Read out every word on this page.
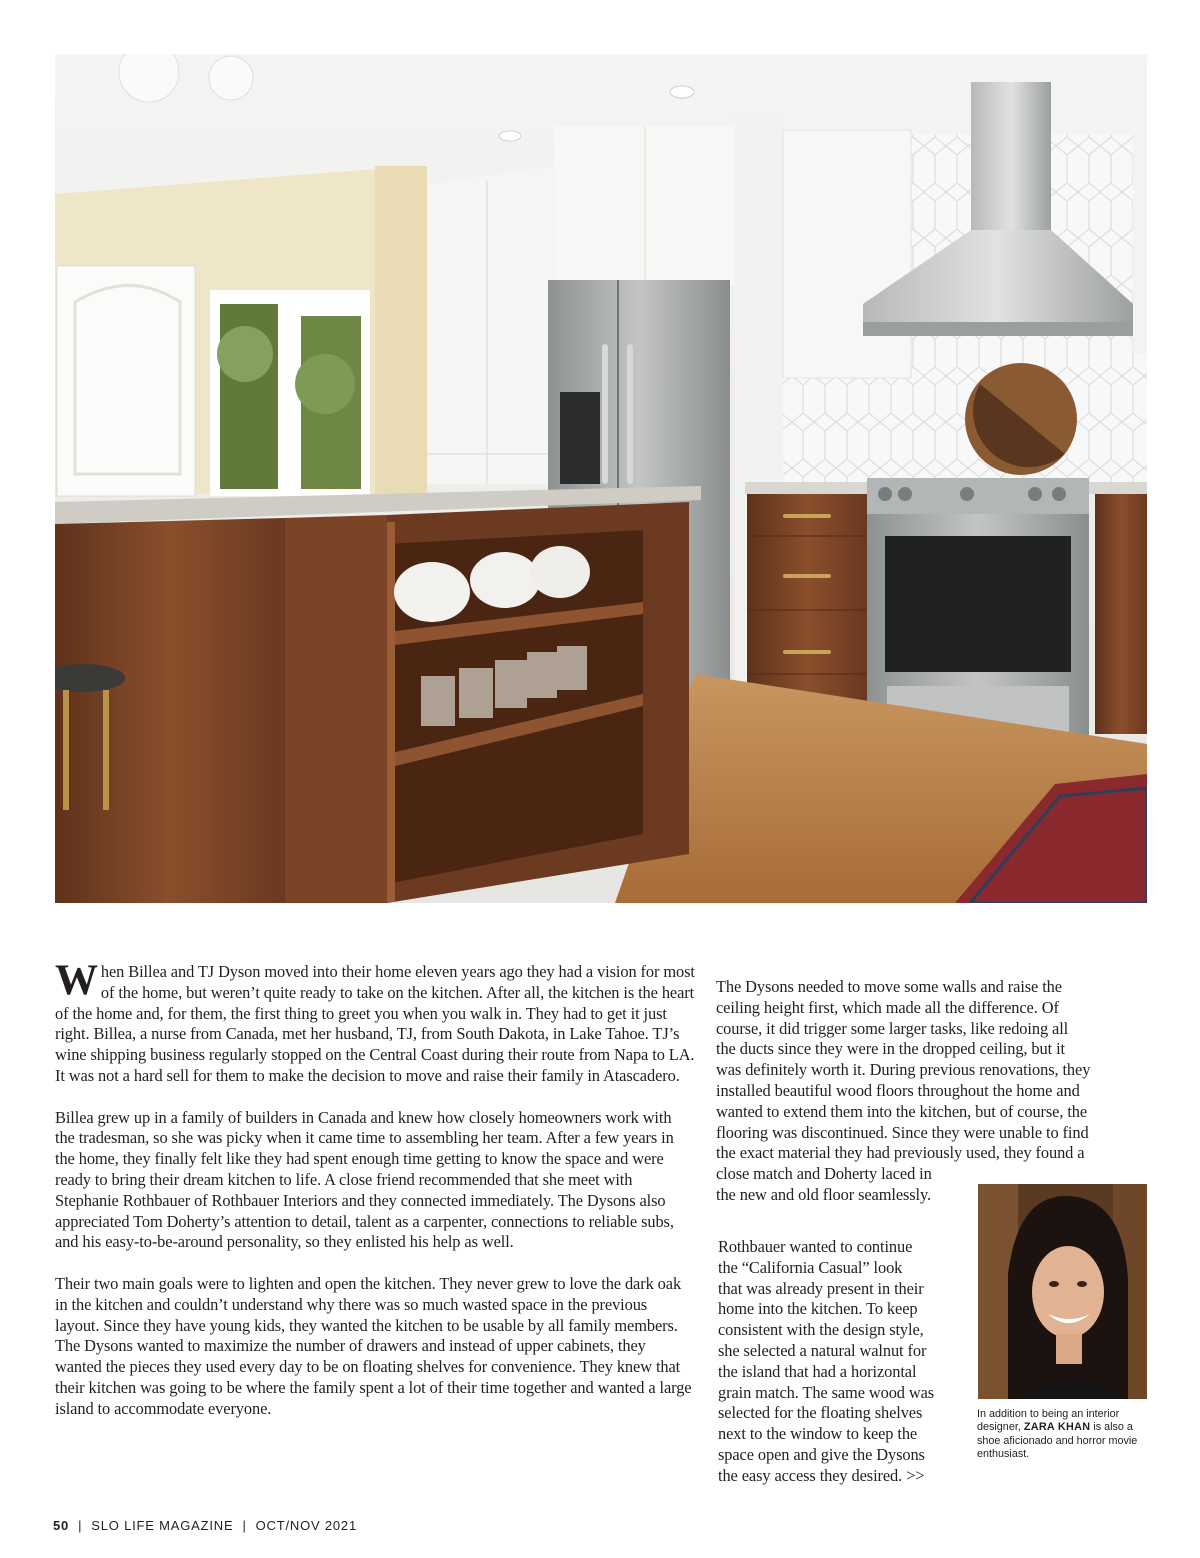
When Billea and TJ Dyson moved into their home eleven years ago they had a vision for most of the home, but weren’t quite ready to take on the kitchen. After all, the kitchen is the heart of the home and, for them, the first thing to greet you when you walk in. They had to get it just right. Billea, a nurse from Canada, met her husband, TJ, from South Dakota, in Lake Tahoe. TJ’s wine shipping business regularly stopped on the Central Coast during their route from Napa to LA. It was not a hard sell for them to make the decision to move and raise their family in Atascadero.

Billea grew up in a family of builders in Canada and knew how closely homeowners work with the tradesman, so she was picky when it came time to assembling her team. After a few years in the home, they finally felt like they had spent enough time getting to know the space and were ready to bring their dream kitchen to life. A close friend recommended that she meet with Stephanie Rothbauer of Rothbauer Interiors and they connected immediately. The Dysons also appreciated Tom Doherty’s attention to detail, talent as a carpenter, connections to reliable subs, and his easy-to-be-around personality, so they enlisted his help as well.

Their two main goals were to lighten and open the kitchen. They never grew to love the dark oak in the kitchen and couldn’t understand why there was so much wasted space in the previous layout. Since they have young kids, they wanted the kitchen to be usable by all family members. The Dysons wanted to maximize the number of drawers and instead of upper cabinets, they wanted the pieces they used every day to be on floating shelves for convenience. They knew that their kitchen was going to be where the family spent a lot of their time together and wanted a large island to accommodate everyone.

The Dysons needed to move some walls and raise the
ceiling height first, which made all the difference. Of
course, it did trigger some larger tasks, like redoing all
the ducts since they were in the dropped ceiling, but it
was definitely worth it. During previous renovations, they
installed beautiful wood floors throughout the home and
wanted to extend them into the kitchen, but of course, the
flooring was discontinued. Since they were unable to find
the exact material they had previously used, they found a
close match and Doherty laced in
the new and old floor seamlessly.
Rothbauer wanted to continue
the “California Casual” look
that was already present in their
home into the kitchen. To keep
consistent with the design style,
she selected a natural walnut for
the island that had a horizontal
grain match. The same wood was
selected for the floating shelves
next to the window to keep the
space open and give the Dysons
the easy access they desired. >>
In addition to being an interior designer, ZARA KHAN is also a shoe aficionado and horror movie enthusiast.
50 | SLO LIFE MAGAZINE | OCT/NOV 2021
